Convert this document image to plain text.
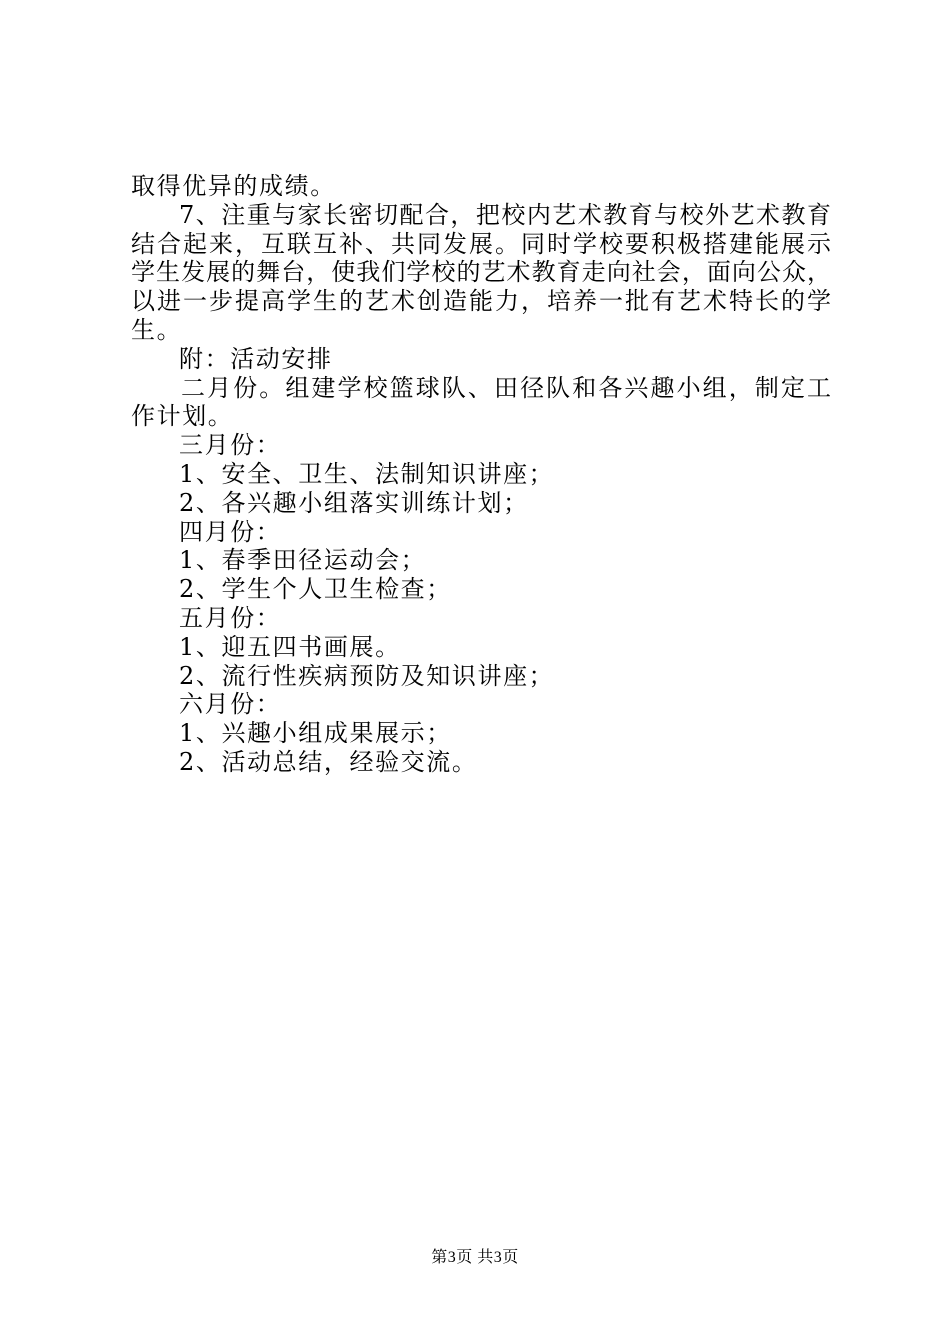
取得优异的成绩。
7、注重与家长密切配合，把校内艺术教育与校外艺术教育
结合起来，互联互补、共同发展。同时学校要积极搭建能展示
学生发展的舞台，使我们学校的艺术教育走向社会，面向公众，
以进一步提高学生的艺术创造能力，培养一批有艺术特长的学
生。
附：活动安排
二月份。组建学校篮球队、田径队和各兴趣小组，制定工
作计划。
三月份：
1、安全、卫生、法制知识讲座；
2、各兴趣小组落实训练计划；
四月份：
1、春季田径运动会；
2、学生个人卫生检查；
五月份：
1、迎五四书画展。
2、流行性疾病预防及知识讲座；
六月份：
1、兴趣小组成果展示；
2、活动总结，经验交流。
第3页 共3页
